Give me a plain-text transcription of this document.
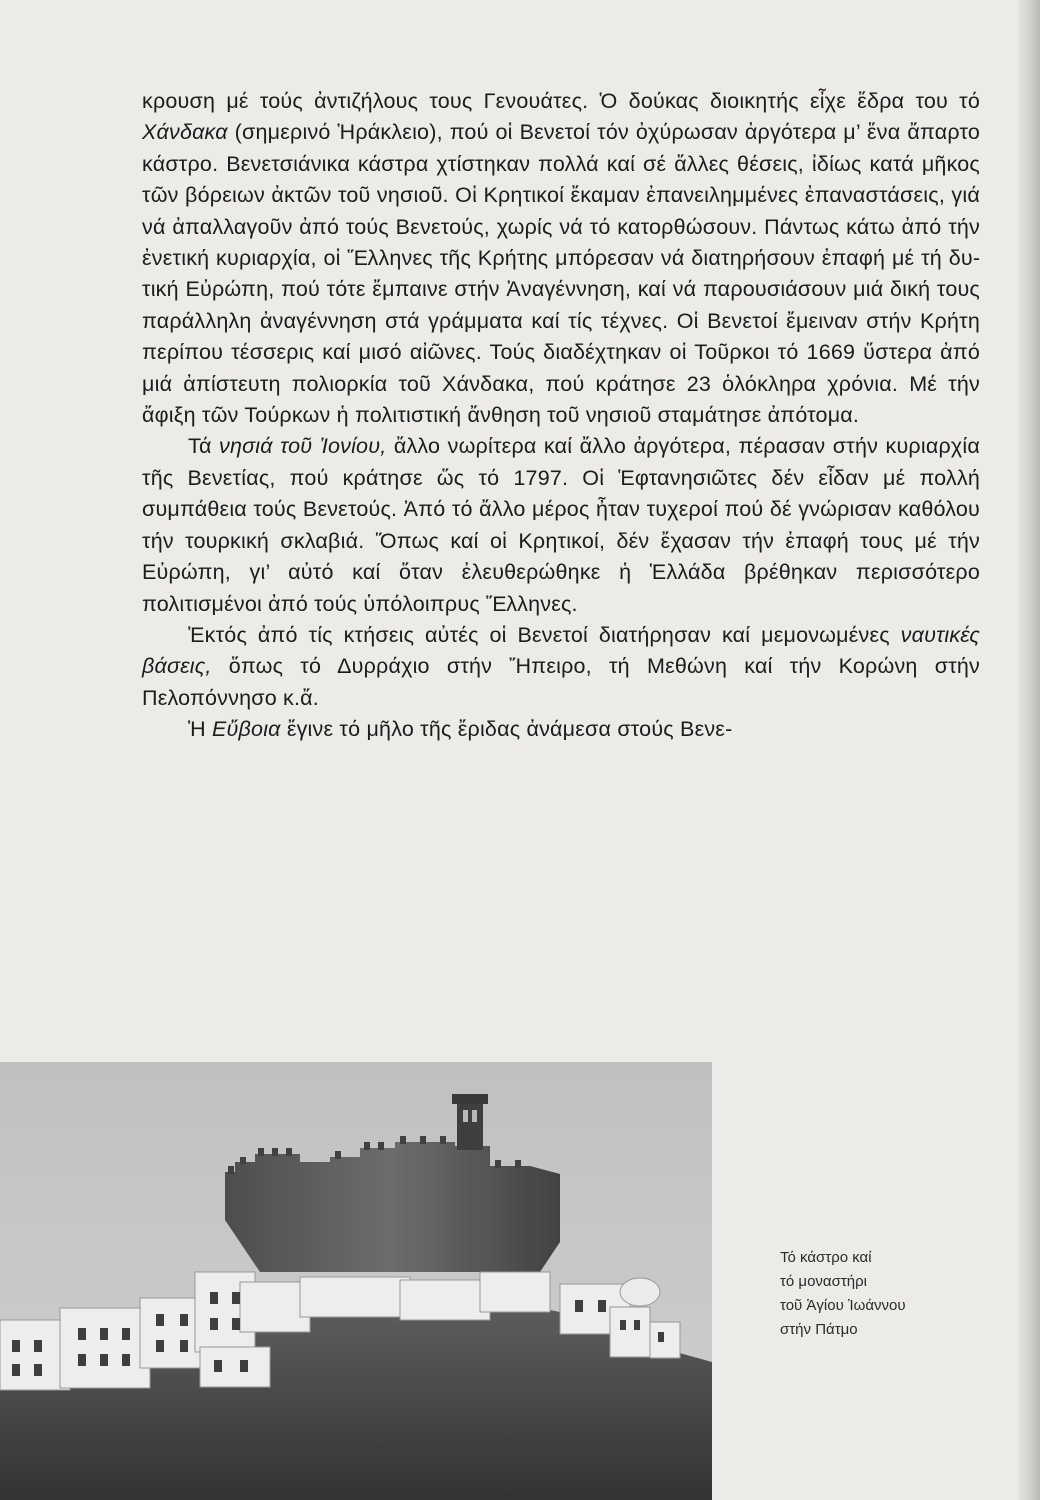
κρουση μέ τούς ἀντιζήλους τους Γενουάτες. Ὁ δούκας διοικητής εἶχε ἕδρα του τό Χάνδακα (σημερινό Ἡράκλειο), πού οἱ Βενετοί τόν ὀχύρωσαν ἀργότερα μ’ ἕνα ἄπαρτο κάστρο. Βενετσιάνικα κάστρα χτίστηκαν πολλά καί σέ ἄλλες θέσεις, ἰδίως κατά μῆκος τῶν βόρειων ἀκτῶν τοῦ νησιοῦ. Οἱ Κρητικοί ἔκαμαν ἐπανειλημμένες ἐπαναστάσεις, γιά νά ἀπαλλαγοῦν ἀπό τούς Βενετούς, χωρίς νά τό κατορθώσουν. Πάντως κάτω ἀπό τήν ἐνετική κυριαρχία, οἱ Ἕλληνες τῆς Κρήτης μπόρεσαν νά διατηρήσουν ἐπαφή μέ τή δυτική Εὐρώπη, πού τότε ἔμπαινε στήν Ἀναγέννηση, καί νά παρουσιάσουν μιά δική τους παράλληλη ἀναγέννηση στά γράμματα καί τίς τέχνες. Οἱ Βενετοί ἔμειναν στήν Κρήτη περίπου τέσσερις καί μισό αἰῶνες. Τούς διαδέχτηκαν οἱ Τοῦρκοι τό 1669 ὕστερα ἀπό μιά ἀπίστευτη πολιορκία τοῦ Χάνδακα, πού κράτησε 23 ὁλόκληρα χρόνια. Μέ τήν ἄφιξη τῶν Τούρκων ἡ πολιτιστική ἄνθηση τοῦ νησιοῦ σταμάτησε ἀπότομα.

Τά νησιά τοῦ Ἰονίου, ἄλλο νωρίτερα καί ἄλλο ἀργότερα, πέρασαν στήν κυριαρχία τῆς Βενετίας, πού κράτησε ὥς τό 1797. Οἱ Ἑφτανησιῶτες δέν εἶδαν μέ πολλή συμπάθεια τούς Βενετούς. Ἀπό τό ἄλλο μέρος ἦταν τυχεροί πού δέ γνώρισαν καθόλου τήν τουρκική σκλαβιά. Ὅπως καί οἱ Κρητικοί, δέν ἔχασαν τήν ἐπαφή τους μέ τήν Εὐρώπη, γι’ αὐτό καί ὅταν ἐλευθερώθηκε ἡ Ἑλλάδα βρέθηκαν περισσότερο πολιτισμένοι ἀπό τούς ὑπόλοιπρυς Ἕλληνες.

Ἐκτός ἀπό τίς κτήσεις αὐτές οἱ Βενετοί διατήρησαν καί μεμονωμένες ναυτικές βάσεις, ὅπως τό Δυρράχιο στήν Ἤπειρο, τή Μεθώνη καί τήν Κορώνη στήν Πελοπόννησο κ.ἄ.

Ἡ Εὔβοια ἔγινε τό μῆλο τῆς ἔριδας ἀνάμεσα στούς Βενε-

Τό κάστρο καί
τό μοναστήρι
τοῦ Ἁγίου Ἰωάννου
στήν Πάτμο
